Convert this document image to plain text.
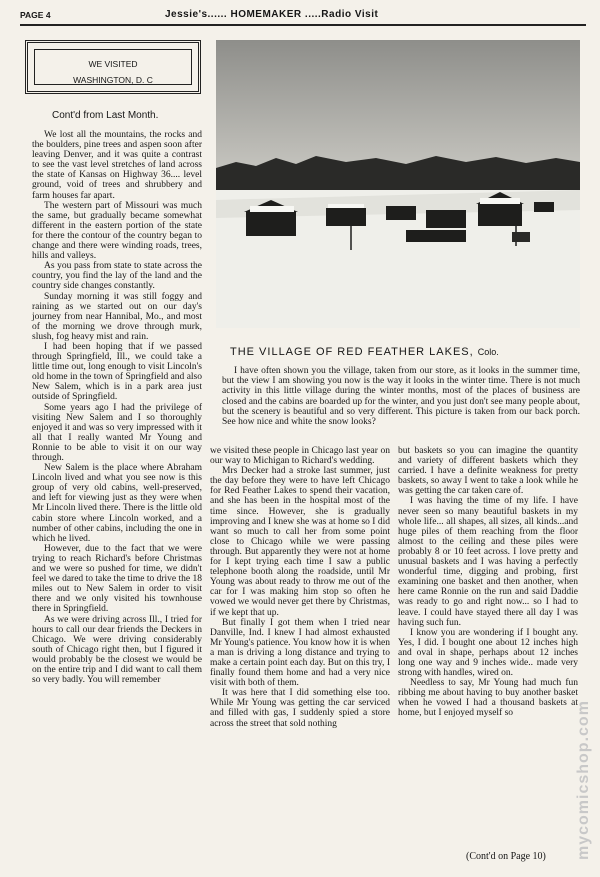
PAGE 4	Jessie's...... HOMEMAKER .....Radio Visit
WE VISITED
WASHINGTON, D. C
Cont'd from Last Month.

We lost all the mountains, the rocks and the boulders, pine trees and aspen soon after leaving Denver, and it was quite a contrast to see the vast level stretches of land across the state of Kansas on Highway 36.... level ground, void of trees and shrubbery and farm houses far apart.

The western part of Missouri was much the same, but gradually became somewhat different in the eastern portion of the state for there the contour of the country began to change and there were winding roads, trees, hills and valleys.

As you pass from state to state across the country, you find the lay of the land and the country side changes constantly.

Sunday morning it was still foggy and raining as we started out on our day's journey from near Hannibal, Mo., and most of the morning we drove through murk, slush, fog heavy mist and rain.

I had been hoping that if we passed through Springfield, Ill., we could take a little time out, long enough to visit Lincoln's old home in the town of Springfield and also New Salem, which is in a park area just outside of Springfield.

Some years ago I had the privilege of visiting New Salem and I so thoroughly enjoyed it and was so very impressed with it all that I really wanted Mr Young and Ronnie to be able to visit it on our way through.

New Salem is the place where Abraham Lincoln lived and what you see now is this group of very old cabins, well-preserved, and left for viewing just as they were when Mr Lincoln lived there. There is the little old cabin store where Lincoln worked, and a number of other cabins, including the one in which he lived.

However, due to the fact that we were trying to reach Richard's before Christmas and we were so pushed for time, we didn't feel we dared to take the time to drive the 18 miles out to New Salem in order to visit there and we only visited his townhouse there in Springfield.

As we were driving across Ill., I tried for hours to call our dear friends the Deckers in Chicago. We were driving considerably south of Chicago right then, but I figured it would probably be the closest we would be on the entire trip and I did want to call them so very badly. You will remember

THE VILLAGE OF RED FEATHER LAKES, Colo.

I have often shown you the village, taken from our store, as it looks in the summer time, but the view I am showing you now is the way it looks in the winter time. There is not much activity in this little village during the winter months, most of the places of business are closed and the cabins are boarded up for the winter, and you just don't see many people about, but the scenery is beautiful and so very different. This picture is taken from our back porch. See how nice and white the snow looks?

we visited these people in Chicago last year on our way to Michigan to Richard's wedding.

Mrs Decker had a stroke last summer, just the day before they were to have left Chicago for Red Feather Lakes to spend their vacation, and she has been in the hospital most of the time since. However, she is gradually improving and I knew she was at home so I did want so much to call her from some point close to Chicago while we were passing through. But apparently they were not at home for I kept trying each time I saw a public telephone booth along the roadside, until Mr Young was about ready to throw me out of the car for I was making him stop so often he vowed we would never get there by Christmas, if we kept that up.

But finally I got them when I tried near Danville, Ind. I knew I had almost exhausted Mr Young's patience. You know how it is when a man is driving a long distance and trying to make a certain point each day. But on this try, I finally found them home and had a very nice visit with both of them.

It was here that I did something else too. While Mr Young was getting the car serviced and filled with gas, I suddenly spied a store across the street that sold nothing

but baskets so you can imagine the quantity and variety of different baskets which they carried. I have a definite weakness for pretty baskets, so away I went to take a look while he was getting the car taken care of.

I was having the time of my life. I have never seen so many beautiful baskets in my whole life... all shapes, all sizes, all kinds...and huge piles of them reaching from the floor almost to the ceiling and these piles were probably 8 or 10 feet across. I love pretty and unusual baskets and I was having a perfectly wonderful time, digging and probing, first examining one basket and then another, when here came Ronnie on the run and said Daddie was ready to go and right now... so I had to leave. I could have stayed there all day I was having such fun.

I know you are wondering if I bought any. Yes, I did. I bought one about 12 inches high and oval in shape, perhaps about 12 inches long one way and 9 inches wide.. made very strong with handles, wired on.

Needless to say, Mr Young had much fun ribbing me about having to buy another basket when he vowed I had a thousand baskets at home, but I enjoyed myself so

(Cont'd on Page 10) mycomicshop.com
